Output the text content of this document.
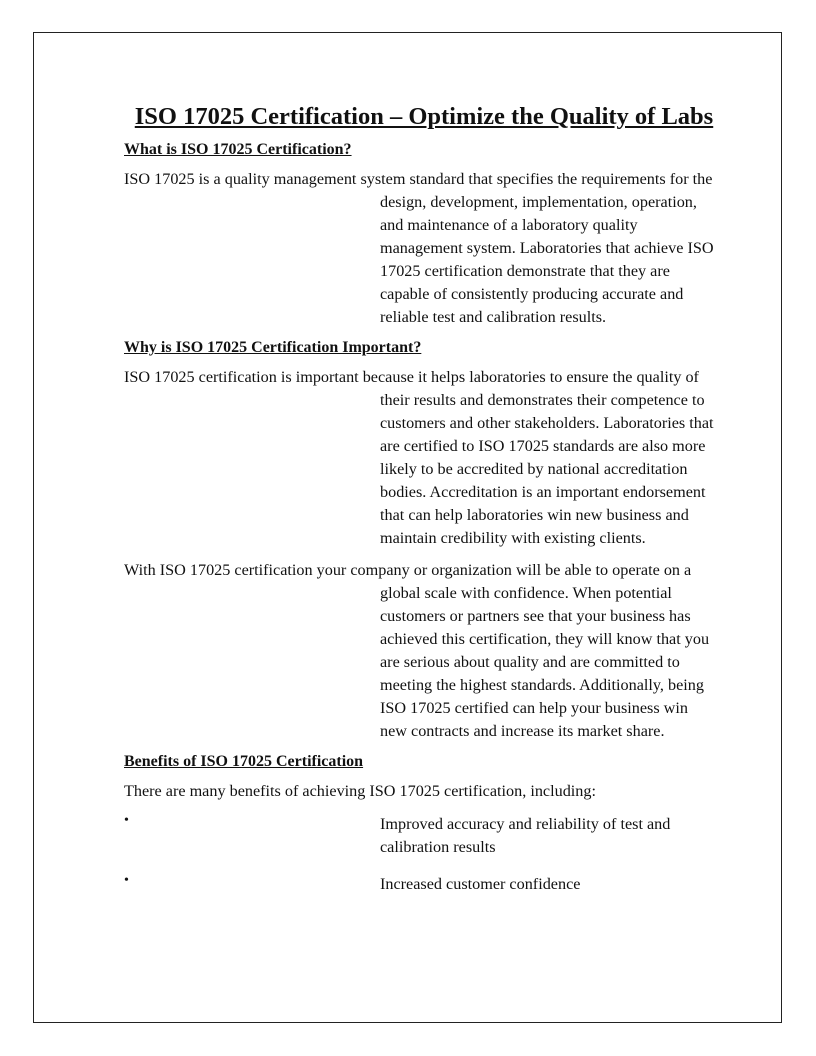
ISO 17025 Certification – Optimize the Quality of Labs
What is ISO 17025 Certification?

ISO 17025 is a quality management system standard that specifies the requirements for the design, development, implementation, operation, and maintenance of a laboratory quality management system. Laboratories that achieve ISO 17025 certification demonstrate that they are capable of consistently producing accurate and reliable test and calibration results.

Why is ISO 17025 Certification Important?

ISO 17025 certification is important because it helps laboratories to ensure the quality of their results and demonstrates their competence to customers and other stakeholders. Laboratories that are certified to ISO 17025 standards are also more likely to be accredited by national accreditation bodies. Accreditation is an important endorsement that can help laboratories win new business and maintain credibility with existing clients.

With ISO 17025 certification your company or organization will be able to operate on a global scale with confidence. When potential customers or partners see that your business has achieved this certification, they will know that you are serious about quality and are committed to meeting the highest standards. Additionally, being ISO 17025 certified can help your business win new contracts and increase its market share.

Benefits of ISO 17025 Certification

There are many benefits of achieving ISO 17025 certification, including:

•	Improved accuracy and reliability of test and calibration results
•	Increased customer confidence
